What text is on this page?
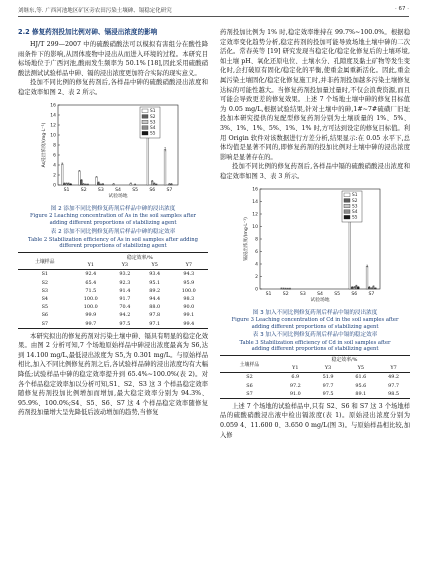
刘继东,等. 广西河池地区矿区旁农田污染土壤砷、镉稳定化研究	· 67 ·
2.2 修复药剂投加比例对砷、镉浸出浓度的影响

HJ/T 299—2007 中的硫酸硝酸法可以模拟有害组分在酸性降雨条件下的影响,从固体废物中浸出从而进入环境的过程。本研究目标场地位于广西河池,酸雨发生频率为 50.1% [18],因此采用硫酸硝酸法测试试验样品中砷、镉的浸出浓度更加符合实际的现实意义。

投加不同比例的修复药剂后,各样品中砷的硫酸硝酸浸出浓度和稳定效率如图 2、表 2 所示。

0
2
4
6
8
10
12
14
16
S1 S2 S3 S4 S5 S6 S7
试验场地
As浸出浓度/(mg·L⁻¹)
S1
S2
S3
S4
S5
图 2 添加不同比例修复药剂后样品中砷的浸出浓度
Figure 2 Leaching concentration of As in the soil samples after adding different proportions of stabilizing agent
表 2 添加不同比例修复药剂后样品中砷的稳定效率
Table 2 Stabilization efficiency of As in soil samples after adding different proportions of stabilizing agent
土壤样品	稳定效率/%			
	Y1	Y3	Y5	Y7
S1	92.4	93.2	93.4	94.3
S2	65.4	92.3	95.1	95.9
S3	71.5	91.4	89.2	100.0
S4	100.0	91.7	94.4	98.3
S5	100.0	70.4	88.0	90.0
S6	99.9	94.2	97.8	99.1
S7	99.7	97.5	97.1	99.4

本研究拟出的修复药剂对污染土壤中砷、镉具有明显的稳定化效果。由图 2 分析可知,7 个场地原始样品中砷浸出浓度最高为 S6,达到 14.100 mg/L,最低浸出浓度为 S5,为 0.301 mg/L。与原始样品相比,加入不同比例修复药剂之后,各试验样品砷的浸出浓度均有大幅降低;试验样品中砷的稳定效率提升到 65.4%~100.0%(表 2)。对各个样品稳定效率加以分析可知,S1、S2、S3 这 3 个样品稳定效率随修复药剂投加比例增加而增加,最大稳定效率分别为 94.3%、95.9%、100.0%;S4、S5、S6、S7 这 4 个样品稳定效率随修复药剂投加量增大呈先降低后波动增加的趋势,当修复

药剂投加比例为 1% 时,稳定效率维持在 99.7%~100.0%。根据稳定效率变化趋势分析,稳定药剂的投加可能导致场地土壤中砷的二次活化。常春英等 [19] 研究发现当稳定化/稳定化修复后的土壤环境,如土壤 pH、氧化还原电位、土壤水分、孔隙度及黏土矿物等发生变化时,会打破原有固化/稳定化的平衡,使重金属重新活化。因此,重金属污染土壤固化/稳定化修复施工时,并非药剂投加越多污染土壤修复达标的可能性越大。当修复药剂投加量过量时,不仅会浪费资源,而且可能会导致更差的修复效果。上述 7 个场地土壤中砷的修复目标值为 0.05 mg/L,根据试验结果,针对土壤中的砷,1#~7#硫磺厂旧址投加本研究提供的复配型修复药剂分别为土壤质量的 1%、5%、3%、1%、1%、5%、1%、1% 时,方可达到设定的修复目标值。利用 Origin 软件对该数据进行方差分析,结果显示:在 0.05 水平下,总体均值是显著不同的,即修复药剂的投加比例对土壤中砷的浸出浓度影响是显著存在的。

投加不同比例的修复药剂后,各样品中镉的硫酸硝酸浸出浓度和稳定效率如图 3、表 3 所示。

0
2
4
6
8
10
12
14
16
S1 S2 S3 S4 S5 S6 S7
试验场地
镉浸出浓度/(mg·L⁻¹)
S1
S2
S3
S4
S5
图 3 加入不同比例修复药剂后样品中镉的浸出浓度
Figure 3 Leaching concentration of Cd in the soil samples after adding different proportions of stabilizing agent
表 3 加入不同比例修复药剂后样品中镉的稳定效率
Table 3 Stabilization efficiency of Cd in soil samples after adding different proportions of stabilizing agent
土壤样品	稳定效率/%			
	Y1	Y3	Y5	Y7
S2	6.9	51.9	61.6	49.2
S6	97.2	97.7	95.6	97.7
S7	91.0	97.5	89.1	98.5

上述 7 个场地的试验样品中,只有 S2、S6 和 S7 这 3 个场地样品的硫酸硝酸浸出液中检出镉浓度(表 1)。原始浸出浓度分别为 0.059 4、11.600 0、3.650 0 mg/L(图 3)。与原始样品相比较,加入修
